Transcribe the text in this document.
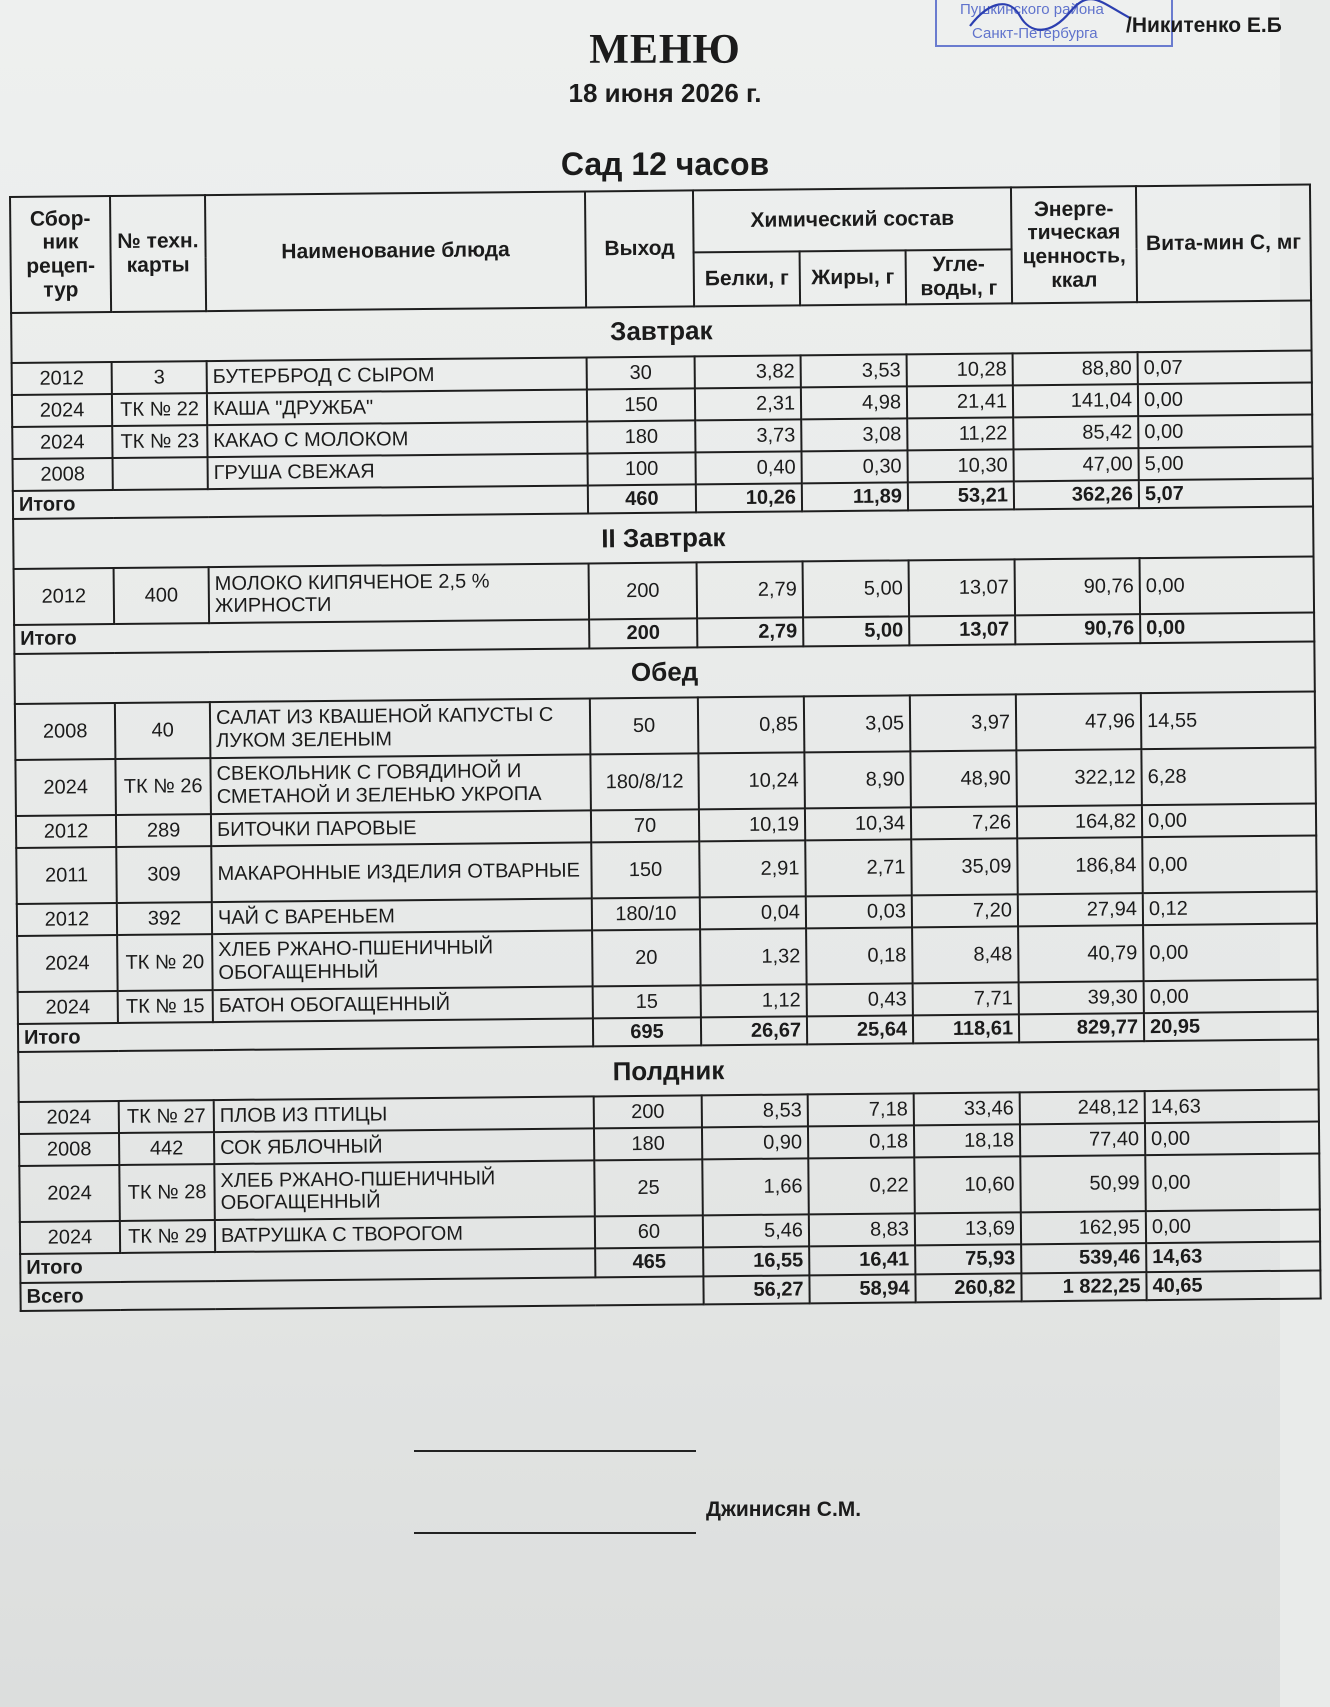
Пушкинского района
Санкт-Петербурга /Никитенко Е.Б
МЕНЮ
18 июня 2026 г.
Сад 12 часов
Сбор-ник рецеп-тур	№ техн. карты	Наименование блюда	Выход	Химический состав			Энерге-тическая ценность, ккал	Вита-мин С, мг
				Белки, г	Жиры, г	Угле-воды, г		
Завтрак								
2012	3	БУТЕРБРОД С СЫРОМ	30	3,82	3,53	10,28	88,80	0,07
2024	ТК № 22	КАША "ДРУЖБА"	150	2,31	4,98	21,41	141,04	0,00
2024	ТК № 23	КАКАО С МОЛОКОМ	180	3,73	3,08	11,22	85,42	0,00
2008		ГРУША СВЕЖАЯ	100	0,40	0,30	10,30	47,00	5,00
Итого			460	10,26	11,89	53,21	362,26	5,07
II Завтрак								
2012	400	МОЛОКО КИПЯЧЕНОЕ 2,5 % ЖИРНОСТИ	200	2,79	5,00	13,07	90,76	0,00
Итого			200	2,79	5,00	13,07	90,76	0,00
Обед								
2008	40	САЛАТ ИЗ КВАШЕНОЙ КАПУСТЫ С ЛУКОМ ЗЕЛЕНЫМ	50	0,85	3,05	3,97	47,96	14,55
2024	ТК № 26	СВЕКОЛЬНИК С ГОВЯДИНОЙ И СМЕТАНОЙ И ЗЕЛЕНЬЮ УКРОПА	180/8/12	10,24	8,90	48,90	322,12	6,28
2012	289	БИТОЧКИ ПАРОВЫЕ	70	10,19	10,34	7,26	164,82	0,00
2011	309	МАКАРОННЫЕ ИЗДЕЛИЯ ОТВАРНЫЕ	150	2,91	2,71	35,09	186,84	0,00
2012	392	ЧАЙ С ВАРЕНЬЕМ	180/10	0,04	0,03	7,20	27,94	0,12
2024	ТК № 20	ХЛЕБ РЖАНО-ПШЕНИЧНЫЙ ОБОГАЩЕННЫЙ	20	1,32	0,18	8,48	40,79	0,00
2024	ТК № 15	БАТОН ОБОГАЩЕННЫЙ	15	1,12	0,43	7,71	39,30	0,00
Итого			695	26,67	25,64	118,61	829,77	20,95
Полдник								
2024	ТК № 27	ПЛОВ ИЗ ПТИЦЫ	200	8,53	7,18	33,46	248,12	14,63
2008	442	СОК ЯБЛОЧНЫЙ	180	0,90	0,18	18,18	77,40	0,00
2024	ТК № 28	ХЛЕБ РЖАНО-ПШЕНИЧНЫЙ ОБОГАЩЕННЫЙ	25	1,66	0,22	10,60	50,99	0,00
2024	ТК № 29	ВАТРУШКА С ТВОРОГОМ	60	5,46	8,83	13,69	162,95	0,00
Итого			465	16,55	16,41	75,93	539,46	14,63
Всего				56,27	58,94	260,82	1 822,25	40,65
Джинисян С.М.
